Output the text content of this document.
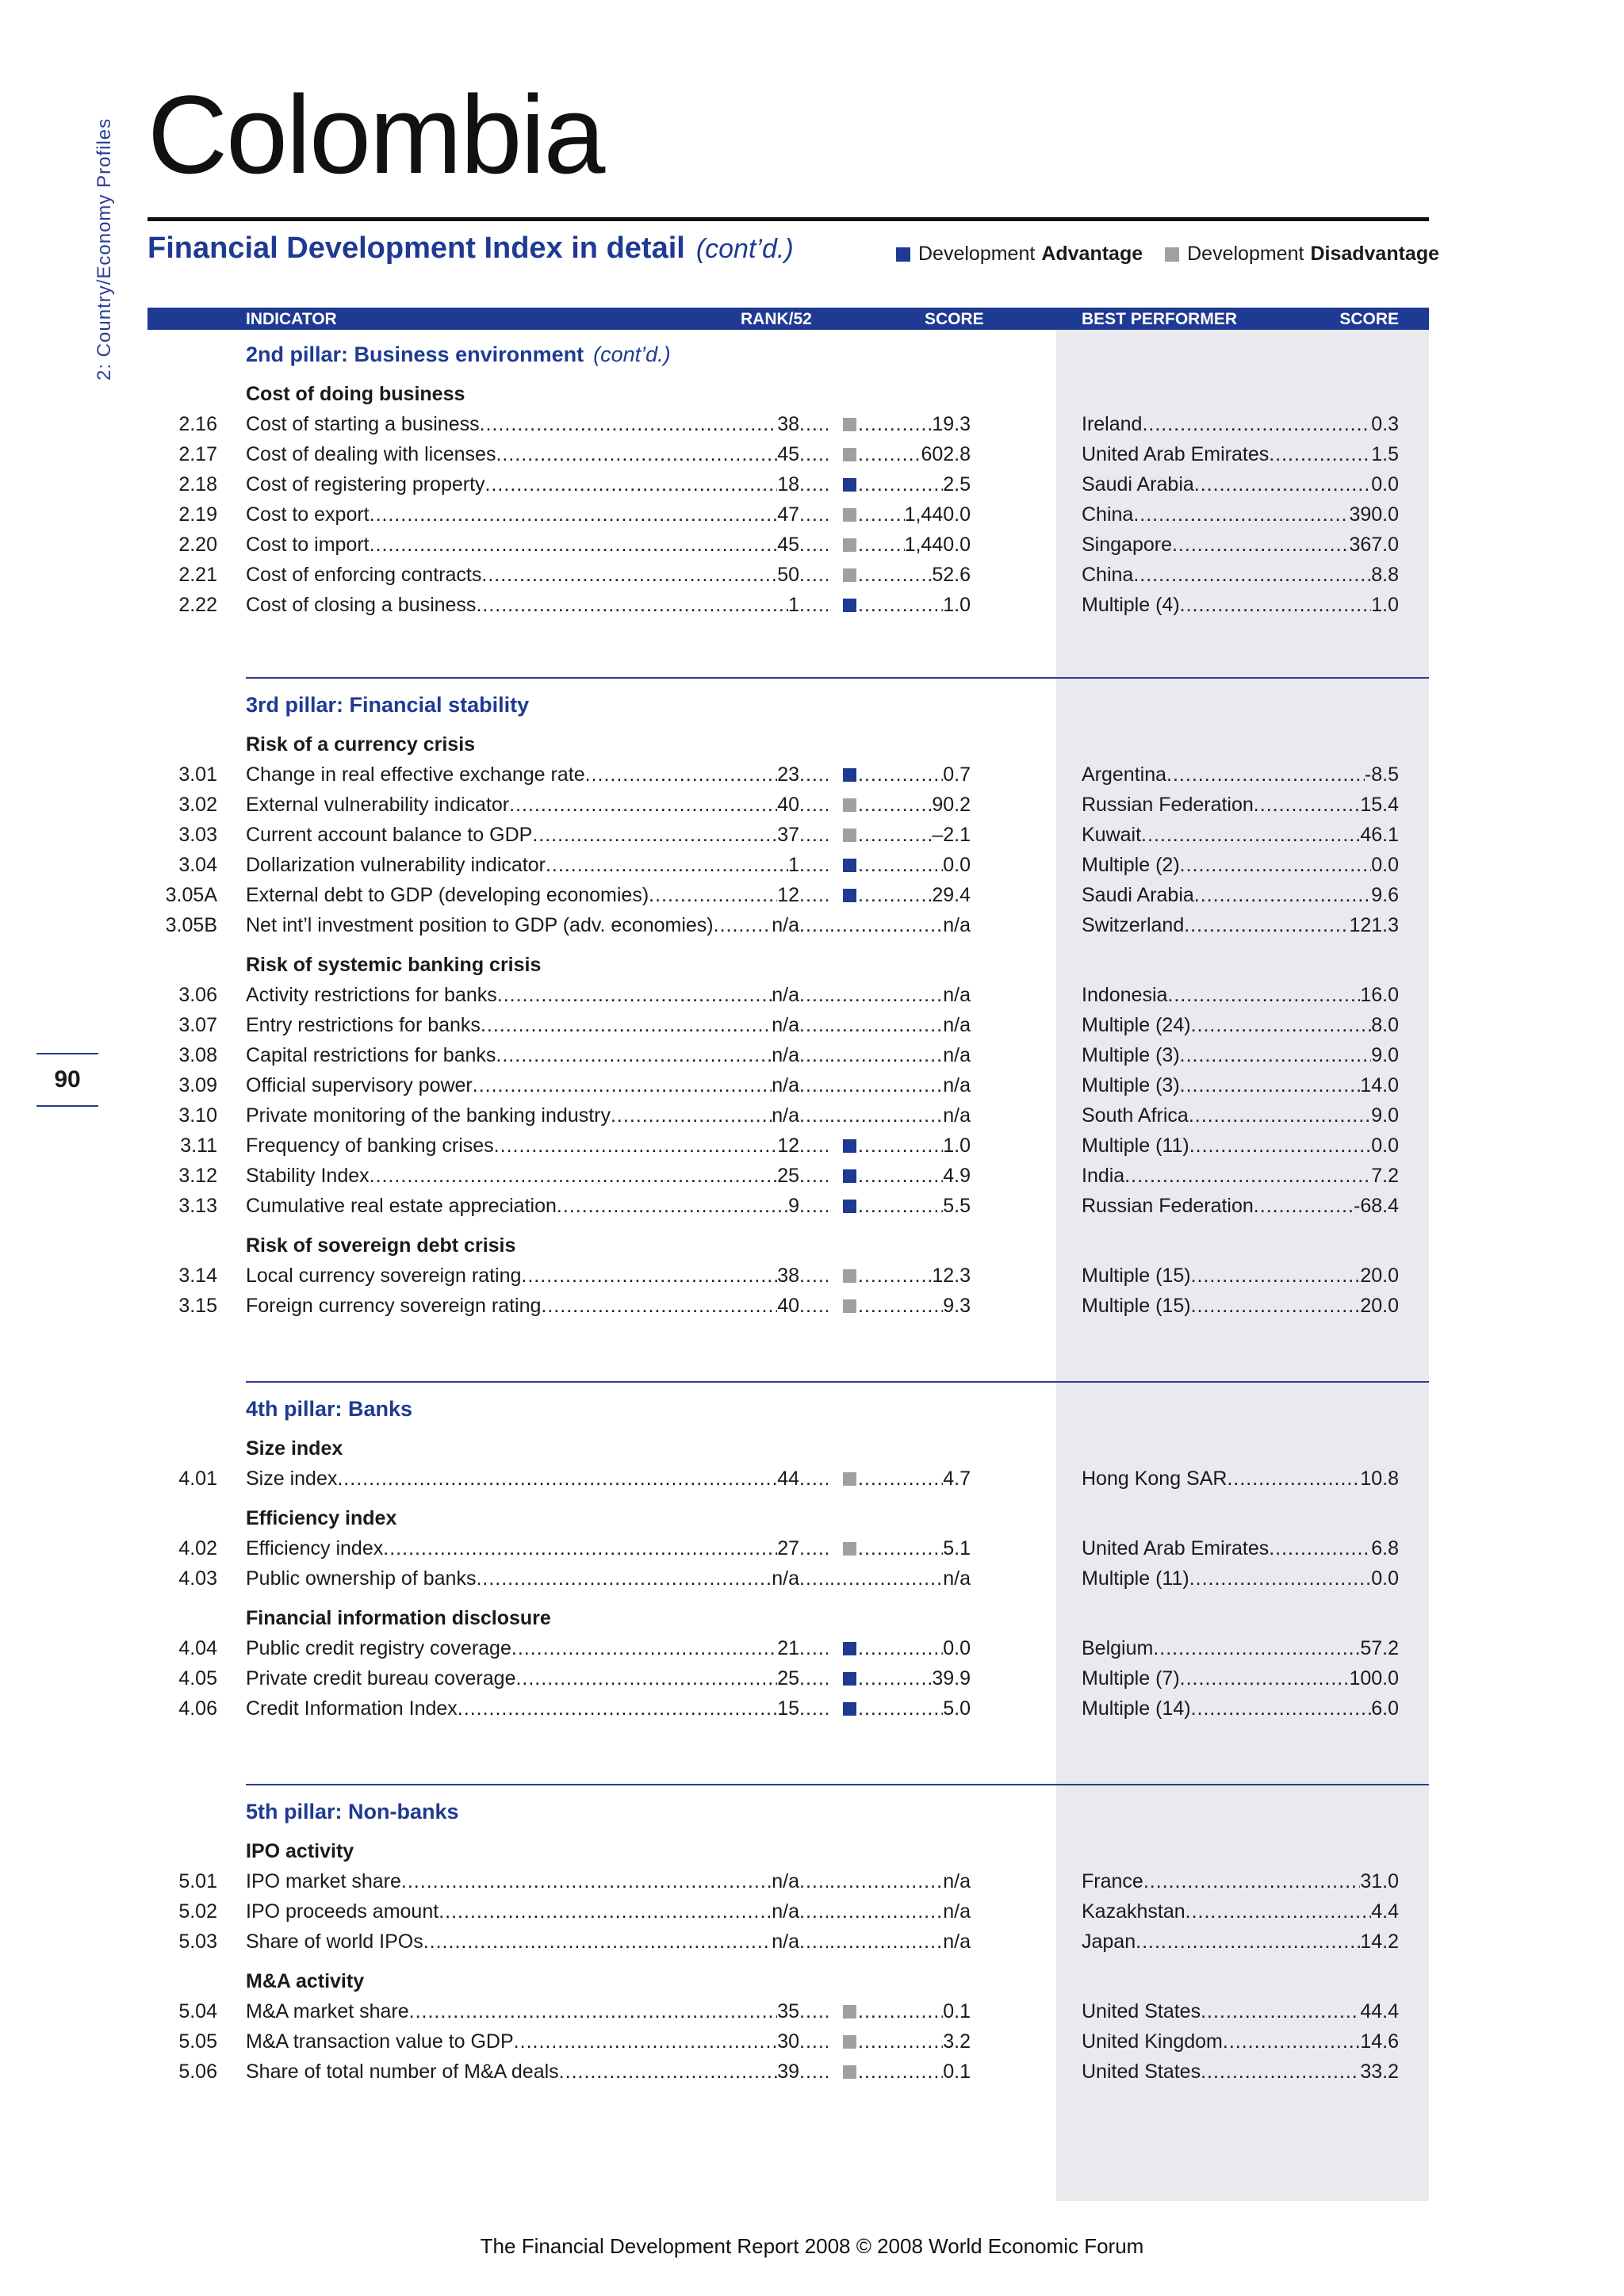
2: Country/Economy Profiles
90
Colombia
Financial Development Index in detail (cont’d.)	Development Advantage Development Disadvantage
INDICATOR	RANK/52	SCORE	BEST PERFORMER	SCORE
2nd pillar: Business environment (cont’d.)
Cost of doing business
2.16 Cost of starting a business .....	38 ..... .....	19.3	Ireland .....	0.3
2.17 Cost of dealing with licenses .....	45 ..... .....	602.8	United Arab Emirates .....	1.5
2.18 Cost of registering property .....	18 ..... .....	2.5	Saudi Arabia .....	0.0
2.19 Cost to export .....	47 ..... .....	1,440.0	China .....	390.0
2.20 Cost to import .....	45 ..... .....	1,440.0	Singapore .....	367.0
2.21 Cost of enforcing contracts .....	50 ..... .....	52.6	China .....	8.8
2.22 Cost of closing a business .....	1 ..... .....	1.0	Multiple (4) .....	1.0
3rd pillar: Financial stability
Risk of a currency crisis
3.01 Change in real effective exchange rate .....	23 ..... .....	0.7	Argentina .....	-8.5
3.02 External vulnerability indicator .....	40 ..... .....	90.2	Russian Federation .....	15.4
3.03 Current account balance to GDP .....	37 ..... .....	–2.1	Kuwait .....	46.1
3.04 Dollarization vulnerability indicator .....	1 ..... .....	0.0	Multiple (2) .....	0.0
3.05A External debt to GDP (developing economies) .....	12 ..... .....	29.4	Saudi Arabia .....	9.6
3.05B Net int’l investment position to GDP (adv. economies) .....	n/a ..... .....	n/a	Switzerland .....	121.3
Risk of systemic banking crisis
3.06 Activity restrictions for banks .....	n/a ..... .....	n/a	Indonesia .....	16.0
3.07 Entry restrictions for banks .....	n/a ..... .....	n/a	Multiple (24) .....	8.0
3.08 Capital restrictions for banks .....	n/a ..... .....	n/a	Multiple (3) .....	9.0
3.09 Official supervisory power .....	n/a ..... .....	n/a	Multiple (3) .....	14.0
3.10 Private monitoring of the banking industry .....	n/a ..... .....	n/a	South Africa .....	9.0
3.11 Frequency of banking crises .....	12 ..... .....	1.0	Multiple (11) .....	0.0
3.12 Stability Index .....	25 ..... .....	4.9	India .....	7.2
3.13 Cumulative real estate appreciation .....	9 ..... .....	5.5	Russian Federation .....	-68.4
Risk of sovereign debt crisis
3.14 Local currency sovereign rating .....	38 ..... .....	12.3	Multiple (15) .....	20.0
3.15 Foreign currency sovereign rating .....	40 ..... .....	9.3	Multiple (15) .....	20.0
4th pillar: Banks
Size index
4.01 Size index .....	44 ..... .....	4.7	Hong Kong SAR .....	10.8
Efficiency index
4.02 Efficiency index .....	27 ..... .....	5.1	United Arab Emirates .....	6.8
4.03 Public ownership of banks .....	n/a ..... .....	n/a	Multiple (11) .....	0.0
Financial information disclosure
4.04 Public credit registry coverage .....	21 ..... .....	0.0	Belgium .....	57.2
4.05 Private credit bureau coverage .....	25 ..... .....	39.9	Multiple (7) .....	100.0
4.06 Credit Information Index .....	15 ..... .....	5.0	Multiple (14) .....	6.0
5th pillar: Non-banks
IPO activity
5.01 IPO market share .....	n/a ..... .....	n/a	France .....	31.0
5.02 IPO proceeds amount .....	n/a ..... .....	n/a	Kazakhstan .....	4.4
5.03 Share of world IPOs .....	n/a ..... .....	n/a	Japan .....	14.2
M&A activity
5.04 M&A market share .....	35 ..... .....	0.1	United States .....	44.4
5.05 M&A transaction value to GDP .....	30 ..... .....	3.2	United Kingdom .....	14.6
5.06 Share of total number of M&A deals .....	39 ..... .....	0.1	United States .....	33.2
The Financial Development Report 2008 © 2008 World Economic Forum
